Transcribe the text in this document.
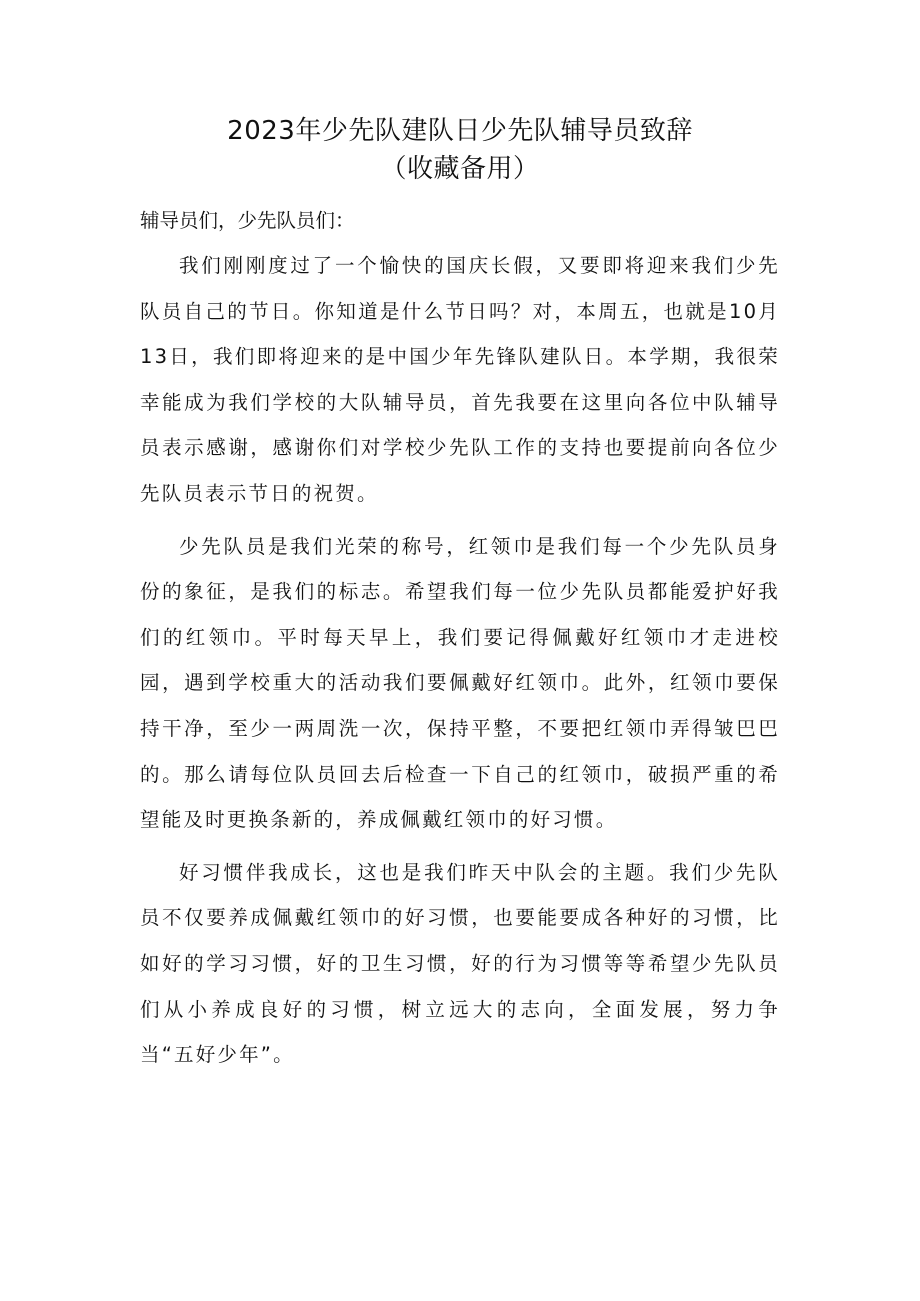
2023年少先队建队日少先队辅导员致辞
（收藏备用）

辅导员们，少先队员们：

我们刚刚度过了一个愉快的国庆长假，又要即将迎来我们少先队员自己的节日。你知道是什么节日吗？对，本周五，也就是10月13日，我们即将迎来的是中国少年先锋队建队日。本学期，我很荣幸能成为我们学校的大队辅导员，首先我要在这里向各位中队辅导员表示感谢，感谢你们对学校少先队工作的支持也要提前向各位少先队员表示节日的祝贺。

少先队员是我们光荣的称号，红领巾是我们每一个少先队员身份的象征，是我们的标志。希望我们每一位少先队员都能爱护好我们的红领巾。平时每天早上，我们要记得佩戴好红领巾才走进校园，遇到学校重大的活动我们要佩戴好红领巾。此外，红领巾要保持干净，至少一两周洗一次，保持平整，不要把红领巾弄得皱巴巴的。那么请每位队员回去后检查一下自己的红领巾，破损严重的希望能及时更换条新的，养成佩戴红领巾的好习惯。

好习惯伴我成长，这也是我们昨天中队会的主题。我们少先队员不仅要养成佩戴红领巾的好习惯，也要能要成各种好的习惯，比如好的学习习惯，好的卫生习惯，好的行为习惯等等希望少先队员们从小养成良好的习惯，树立远大的志向，全面发展，努力争当“五好少年”。
